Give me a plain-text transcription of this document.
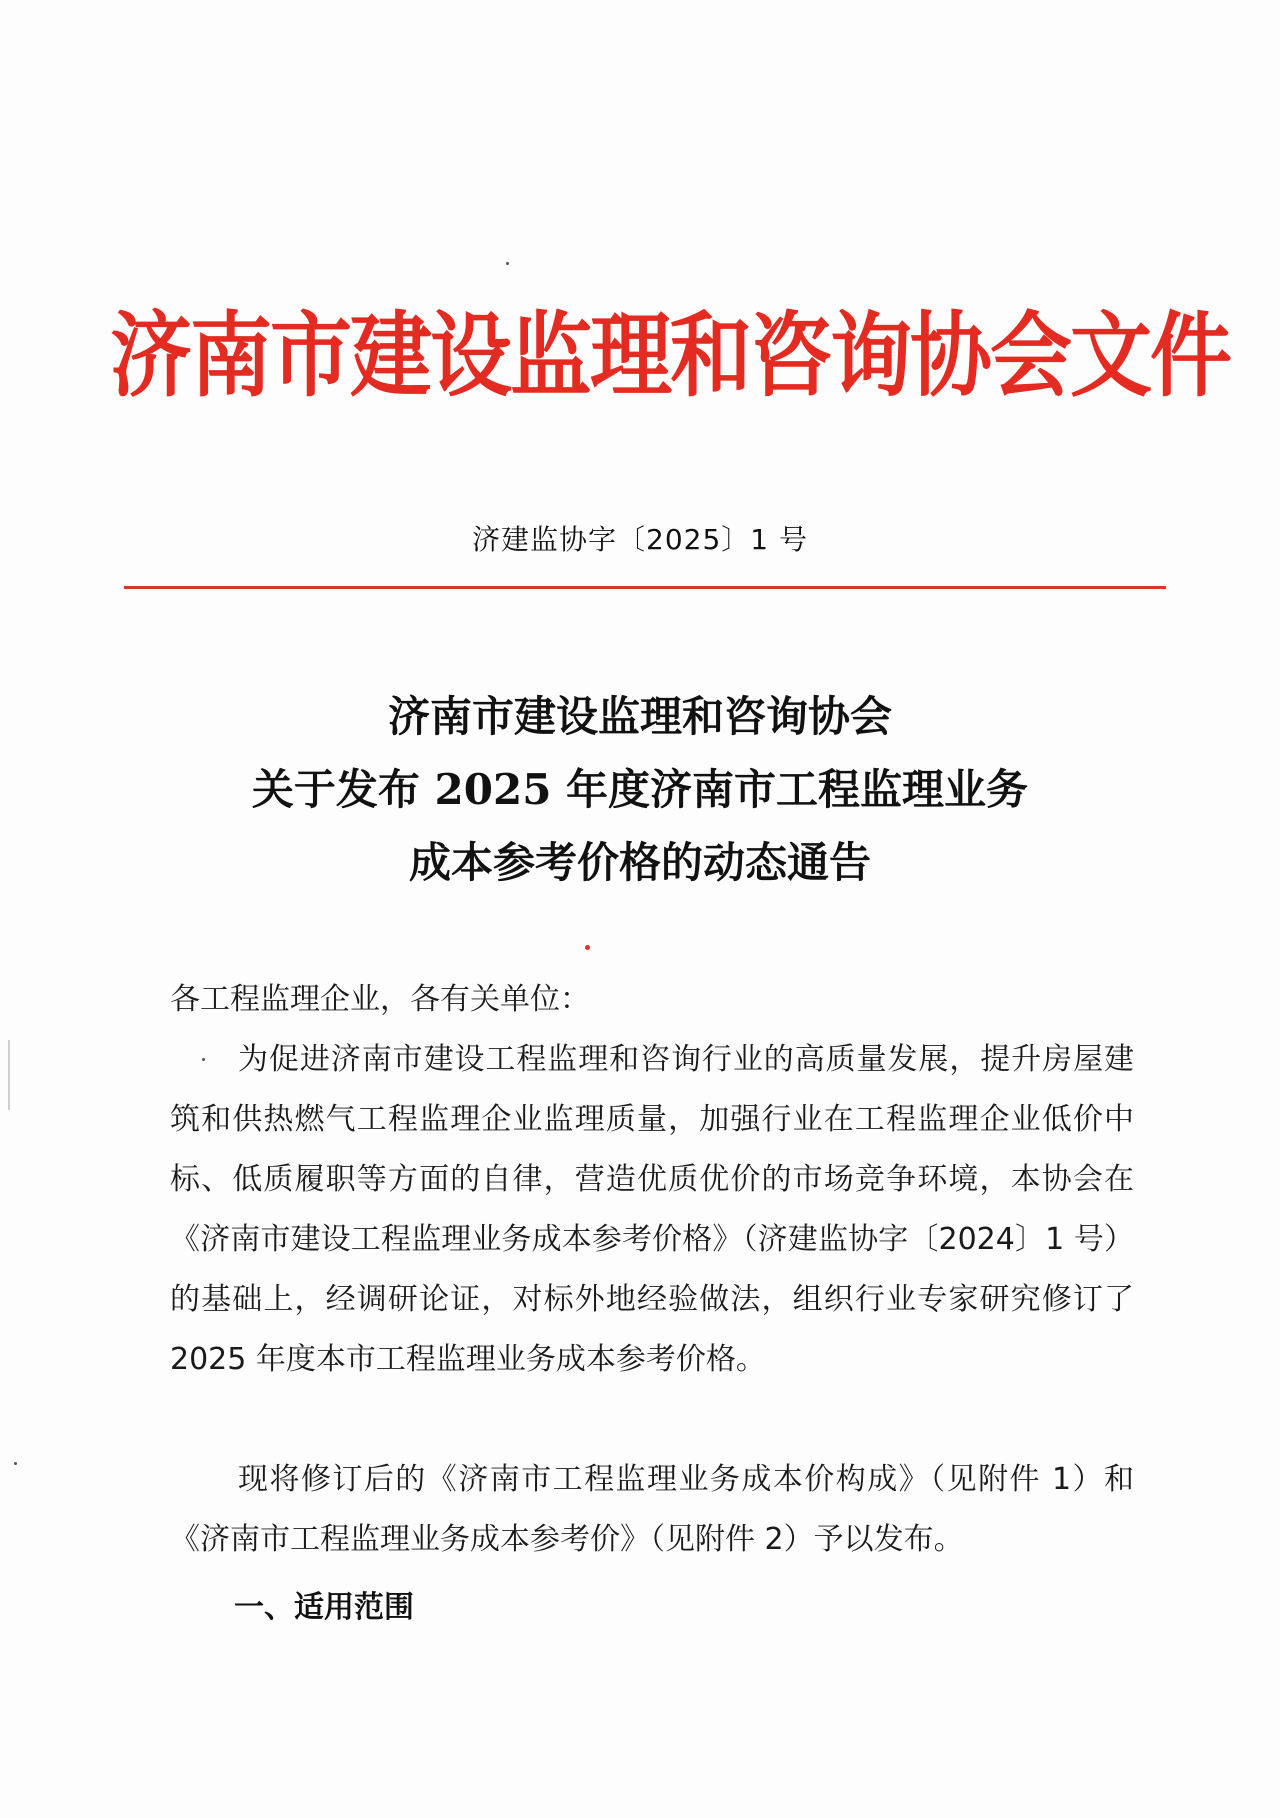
济南市建设监理和咨询协会文件
济建监协字〔2025〕1 号
济南市建设监理和咨询协会
关于发布 2025 年度济南市工程监理业务
成本参考价格的动态通告
各工程监理企业，各有关单位：
为促进济南市建设工程监理和咨询行业的高质量发展，提升房屋建筑和供热燃气工程监理企业监理质量，加强行业在工程监理企业低价中标、低质履职等方面的自律，营造优质优价的市场竞争环境，本协会在《济南市建设工程监理业务成本参考价格》（济建监协字〔2024〕1 号）的基础上，经调研论证，对标外地经验做法，组织行业专家研究修订了 2025 年度本市工程监理业务成本参考价格。
现将修订后的《济南市工程监理业务成本价构成》（见附件 1）和《济南市工程监理业务成本参考价》（见附件 2）予以发布。
一、适用范围
